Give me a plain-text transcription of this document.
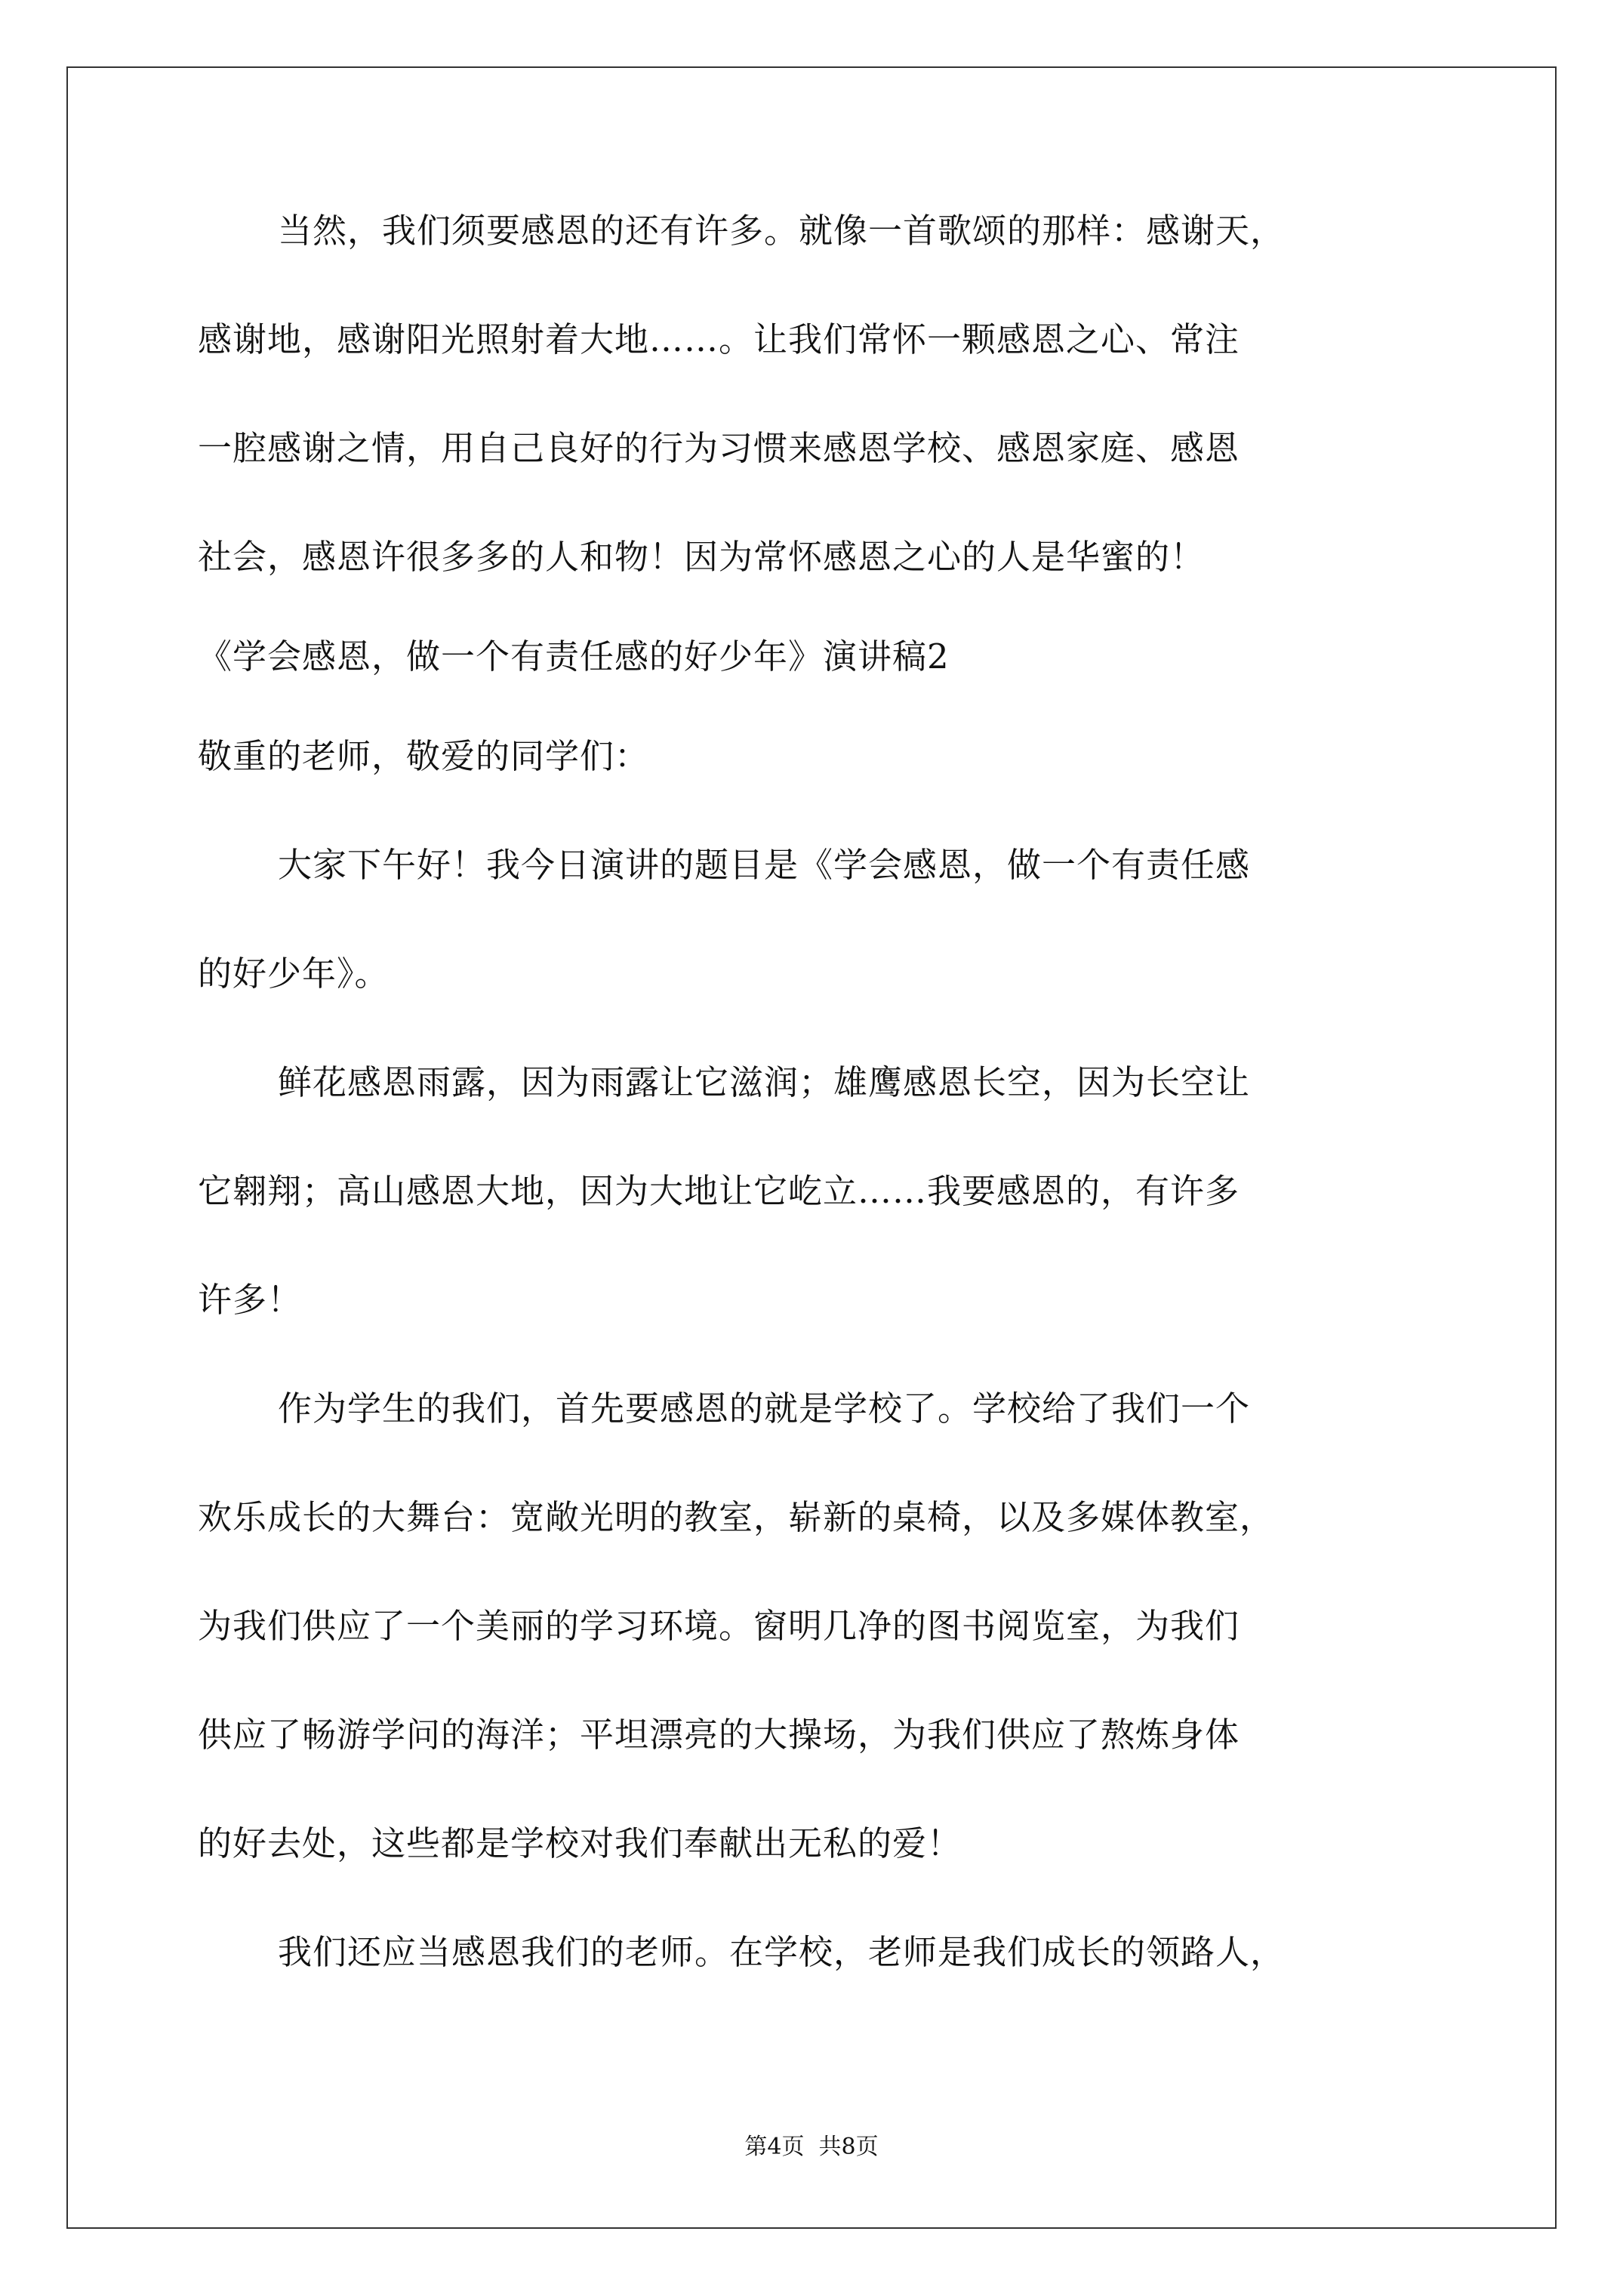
当然，我们须要感恩的还有许多。就像一首歌颂的那样：感谢天，
感谢地，感谢阳光照射着大地……。让我们常怀一颗感恩之心、常注
一腔感谢之情，用自己良好的行为习惯来感恩学校、感恩家庭、感恩
社会，感恩许很多多的人和物！因为常怀感恩之心的人是华蜜的！
《学会感恩，做一个有责任感的好少年》演讲稿2
敬重的老师，敬爱的同学们：
大家下午好！我今日演讲的题目是《学会感恩，做一个有责任感
的好少年》。
鲜花感恩雨露，因为雨露让它滋润；雄鹰感恩长空，因为长空让
它翱翔；高山感恩大地，因为大地让它屹立……我要感恩的，有许多
许多！
作为学生的我们，首先要感恩的就是学校了。学校给了我们一个
欢乐成长的大舞台：宽敞光明的教室，崭新的桌椅，以及多媒体教室，
为我们供应了一个美丽的学习环境。窗明几净的图书阅览室，为我们
供应了畅游学问的海洋；平坦漂亮的大操场，为我们供应了熬炼身体
的好去处，这些都是学校对我们奉献出无私的爱！
我们还应当感恩我们的老师。在学校，老师是我们成长的领路人，
第4页  共8页
